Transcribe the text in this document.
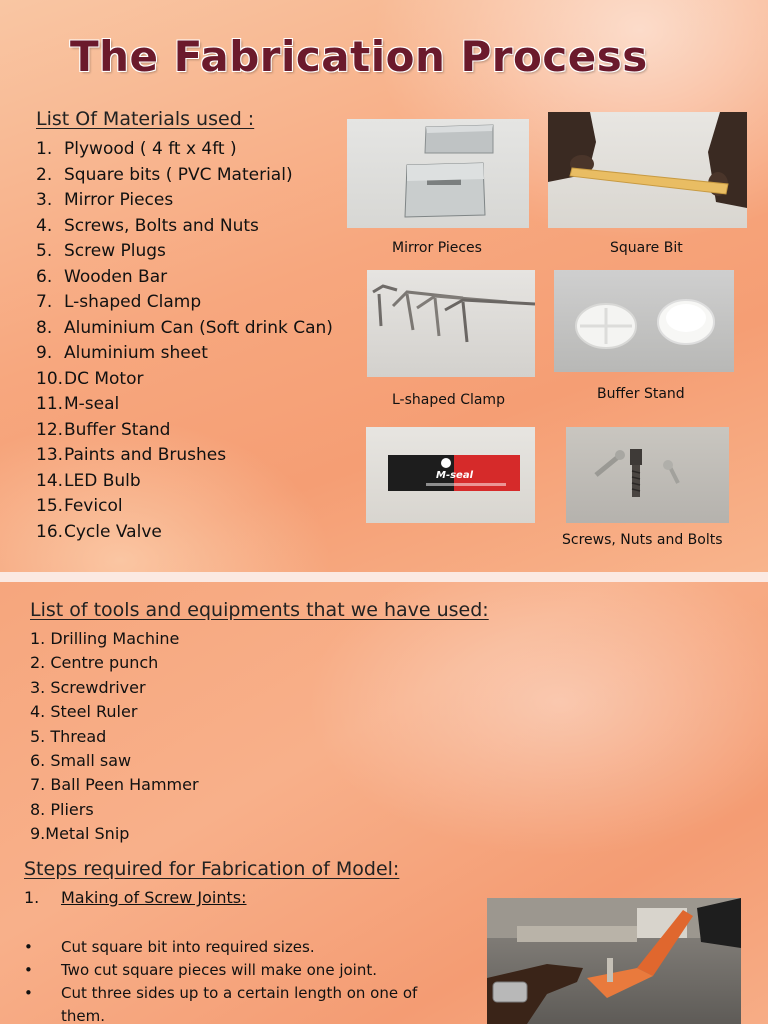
The Fabrication Process
List Of Materials used :
1. Plywood ( 4 ft x 4ft )
2. Square bits ( PVC Material)
3. Mirror Pieces
4. Screws, Bolts and Nuts
5. Screw Plugs
6. Wooden Bar
7. L-shaped Clamp
8. Aluminium Can (Soft drink Can)
9. Aluminium sheet
10. DC Motor
11. M-seal
12. Buffer Stand
13. Paints and Brushes
14. LED Bulb
15. Fevicol
16. Cycle Valve
Mirror Pieces	Square Bit
L-shaped Clamp	Buffer Stand
M-seal
Screws, Nuts and Bolts
List of tools and equipments that we have used:
1. Drilling Machine
2. Centre punch
3. Screwdriver
4. Steel Ruler
5. Thread
6. Small saw
7. Ball Peen Hammer
8. Pliers
9.Metal Snip
Steps required for Fabrication of Model:
1. Making of Screw Joints:
•	Cut square bit into required sizes.
•	Two cut square pieces will make one joint.
•	Cut three sides up to a certain length on one of them.
